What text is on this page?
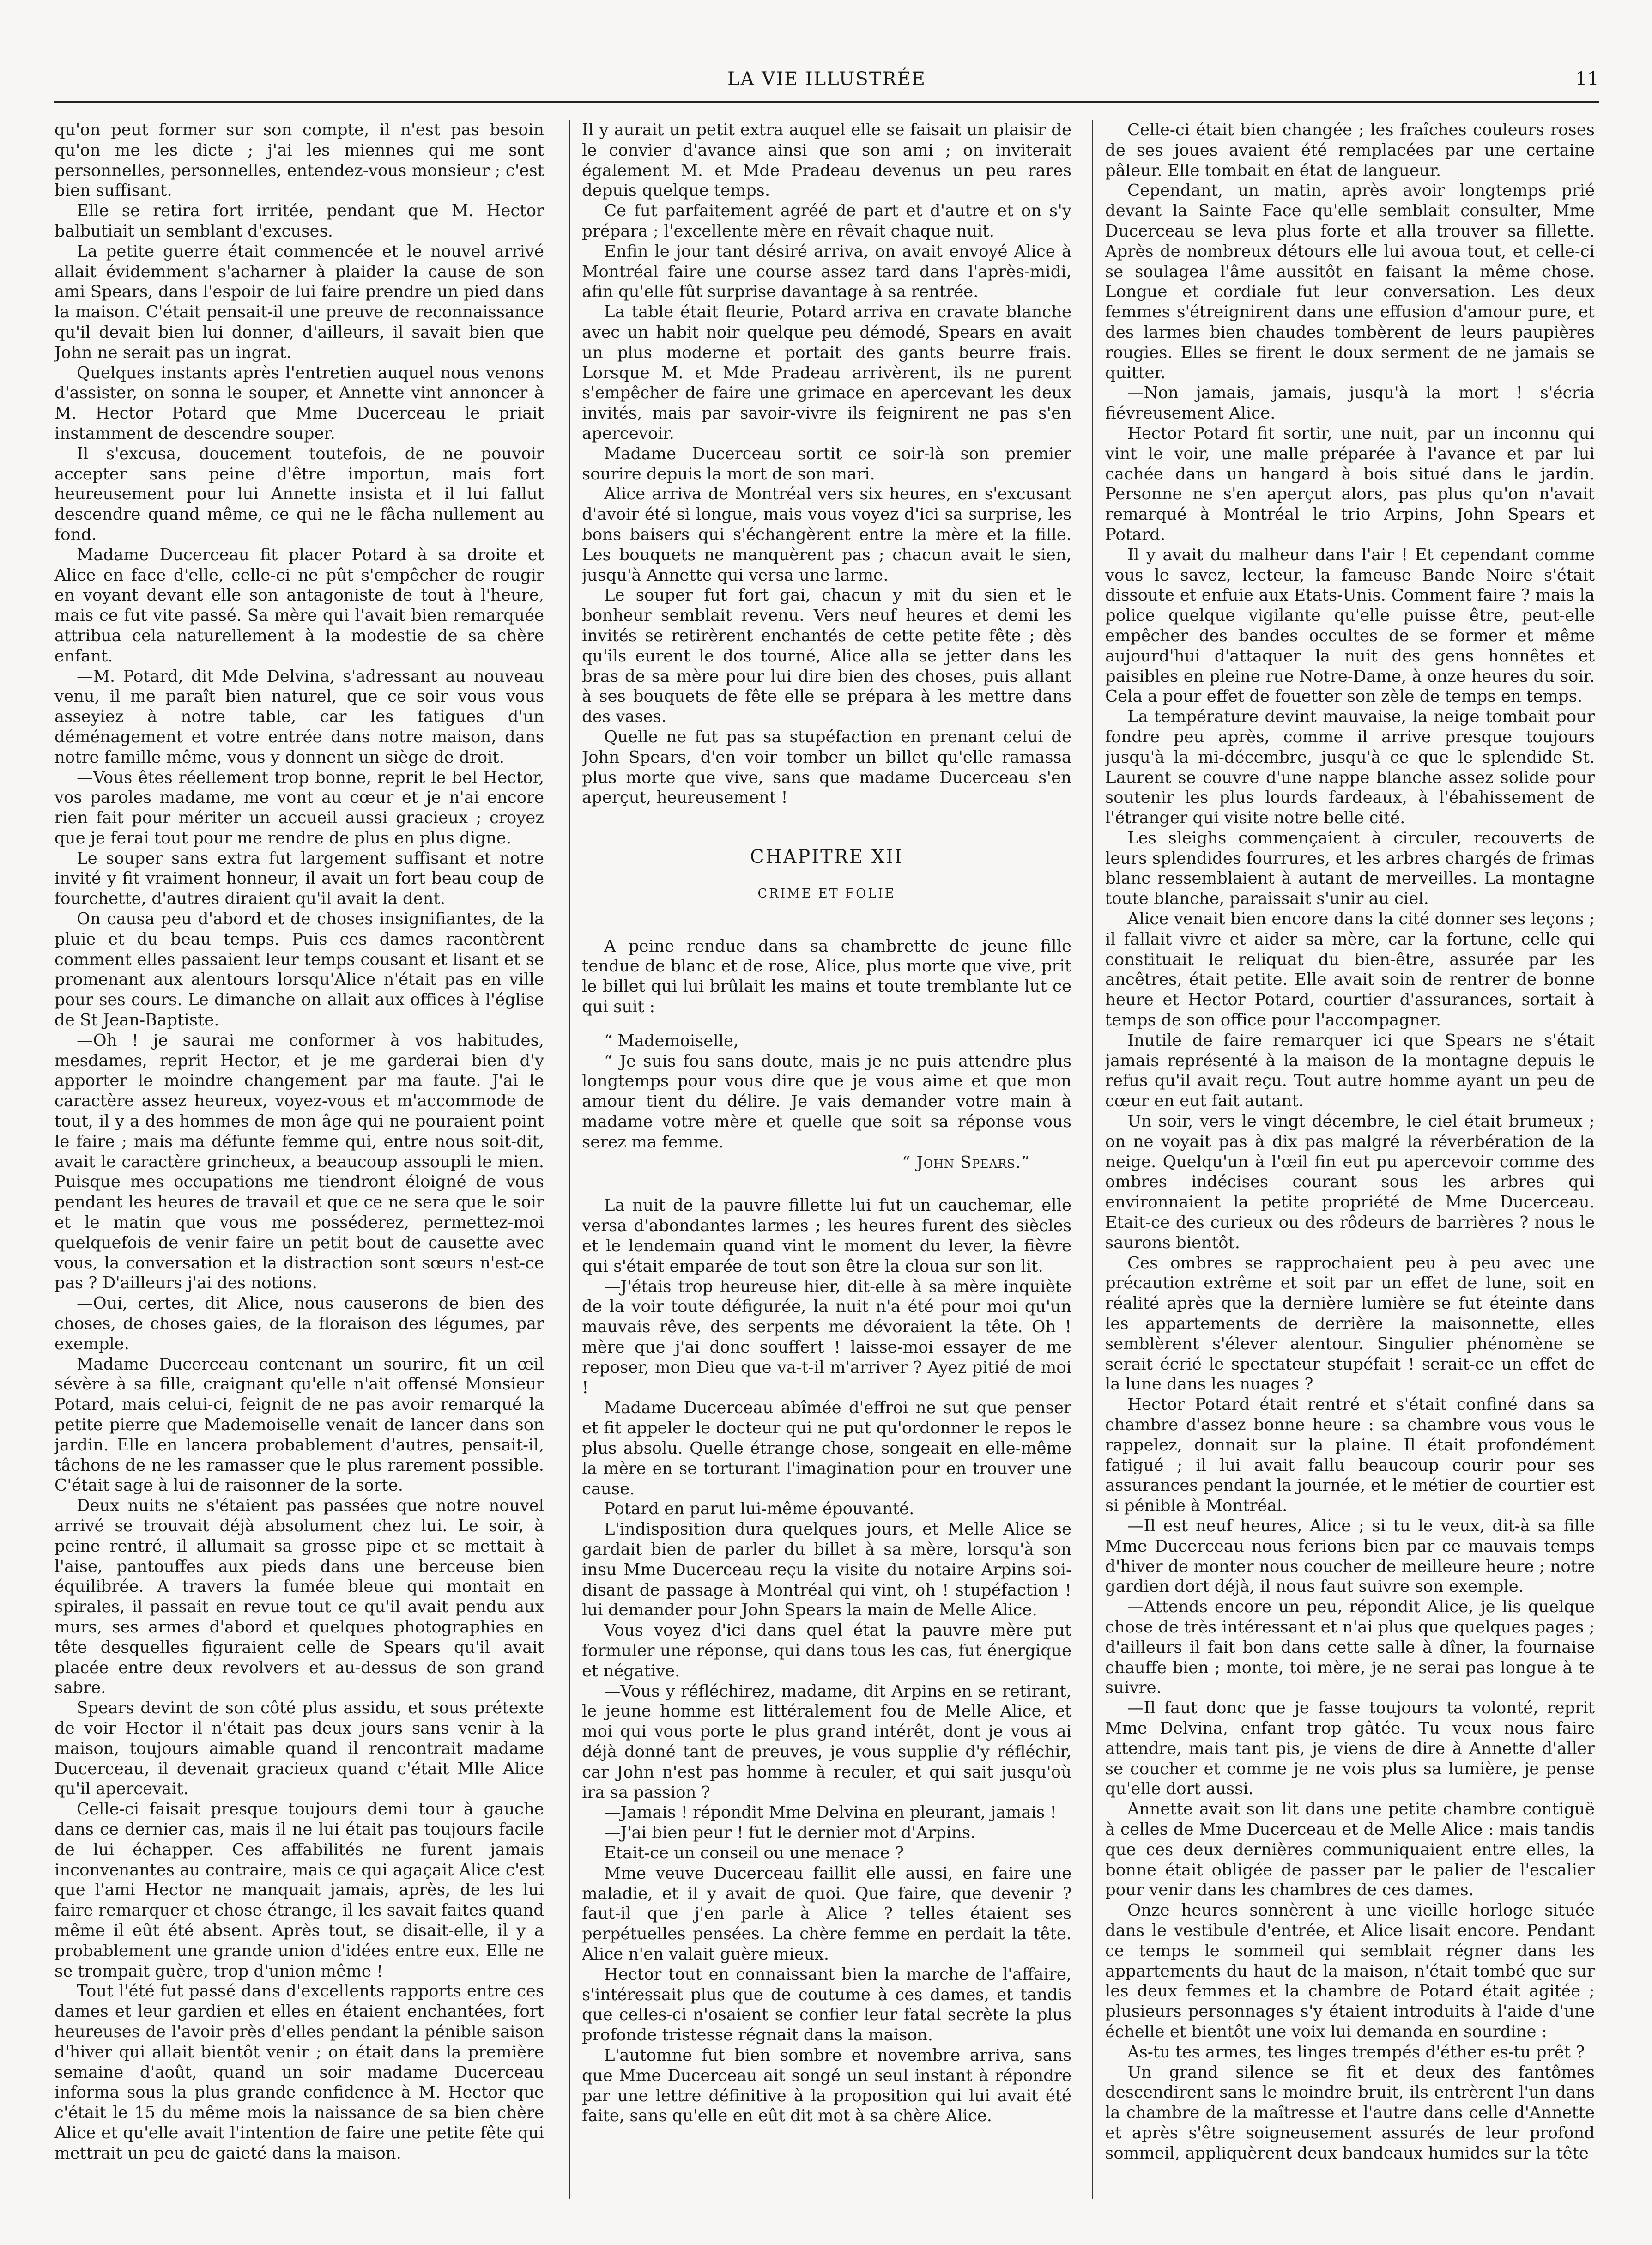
LA VIE ILLUSTRÉE	11

qu'on peut former sur son compte, il n'est pas besoin qu'on me les dicte ; j'ai les miennes qui me sont personnelles, personnelles, entendez-vous monsieur ; c'est bien suffisant.

Elle se retira fort irritée, pendant que M. Hector balbutiait un semblant d'excuses.

La petite guerre était commencée et le nouvel arrivé allait évidemment s'acharner à plaider la cause de son ami Spears, dans l'espoir de lui faire prendre un pied dans la maison. C'était pensait-il une preuve de reconnaissance qu'il devait bien lui donner, d'ailleurs, il savait bien que John ne serait pas un ingrat.

Quelques instants après l'entretien auquel nous venons d'assister, on sonna le souper, et Annette vint annoncer à M. Hector Potard que Mme Ducerceau le priait instamment de descendre souper.

Il s'excusa, doucement toutefois, de ne pouvoir accepter sans peine d'être importun, mais fort heureusement pour lui Annette insista et il lui fallut descendre quand même, ce qui ne le fâcha nullement au fond.

Madame Ducerceau fit placer Potard à sa droite et Alice en face d'elle, celle-ci ne pût s'empêcher de rougir en voyant devant elle son antagoniste de tout à l'heure, mais ce fut vite passé. Sa mère qui l'avait bien remarquée attribua cela naturellement à la modestie de sa chère enfant.

—M. Potard, dit Mde Delvina, s'adressant au nouveau venu, il me paraît bien naturel, que ce soir vous vous asseyiez à notre table, car les fatigues d'un déménagement et votre entrée dans notre maison, dans notre famille même, vous y donnent un siège de droit.

—Vous êtes réellement trop bonne, reprit le bel Hector, vos paroles madame, me vont au cœur et je n'ai encore rien fait pour mériter un accueil aussi gracieux ; croyez que je ferai tout pour me rendre de plus en plus digne.

Le souper sans extra fut largement suffisant et notre invité y fit vraiment honneur, il avait un fort beau coup de fourchette, d'autres diraient qu'il avait la dent.

On causa peu d'abord et de choses insignifiantes, de la pluie et du beau temps. Puis ces dames racontèrent comment elles passaient leur temps cousant et lisant et se promenant aux alentours lorsqu'Alice n'était pas en ville pour ses cours. Le dimanche on allait aux offices à l'église de St Jean-Baptiste.

—Oh ! je saurai me conformer à vos habitudes, mesdames, reprit Hector, et je me garderai bien d'y apporter le moindre changement par ma faute. J'ai le caractère assez heureux, voyez-vous et m'accommode de tout, il y a des hommes de mon âge qui ne pouraient point le faire ; mais ma défunte femme qui, entre nous soit-dit, avait le caractère grincheux, a beaucoup assoupli le mien. Puisque mes occupations me tiendront éloigné de vous pendant les heures de travail et que ce ne sera que le soir et le matin que vous me posséderez, permettez-moi quelquefois de venir faire un petit bout de causette avec vous, la conversation et la distraction sont sœurs n'est-ce pas ? D'ailleurs j'ai des notions.

—Oui, certes, dit Alice, nous causerons de bien des choses, de choses gaies, de la floraison des légumes, par exemple.

Madame Ducerceau contenant un sourire, fit un œil sévère à sa fille, craignant qu'elle n'ait offensé Monsieur Potard, mais celui-ci, feignit de ne pas avoir remarqué la petite pierre que Mademoiselle venait de lancer dans son jardin. Elle en lancera probablement d'autres, pensait-il, tâchons de ne les ramasser que le plus rarement possible. C'était sage à lui de raisonner de la sorte.

Deux nuits ne s'étaient pas passées que notre nouvel arrivé se trouvait déjà absolument chez lui. Le soir, à peine rentré, il allumait sa grosse pipe et se mettait à l'aise, pantouffes aux pieds dans une berceuse bien équilibrée. A travers la fumée bleue qui montait en spirales, il passait en revue tout ce qu'il avait pendu aux murs, ses armes d'abord et quelques photographies en tête desquelles figuraient celle de Spears qu'il avait placée entre deux revolvers et au-dessus de son grand sabre.

Spears devint de son côté plus assidu, et sous prétexte de voir Hector il n'était pas deux jours sans venir à la maison, toujours aimable quand il rencontrait madame Ducerceau, il devenait gracieux quand c'était Mlle Alice qu'il apercevait.

Celle-ci faisait presque toujours demi tour à gauche dans ce dernier cas, mais il ne lui était pas toujours facile de lui échapper. Ces affabilités ne furent jamais inconvenantes au contraire, mais ce qui agaçait Alice c'est que l'ami Hector ne manquait jamais, après, de les lui faire remarquer et chose étrange, il les savait faites quand même il eût été absent. Après tout, se disait-elle, il y a probablement une grande union d'idées entre eux. Elle ne se trompait guère, trop d'union même !

Tout l'été fut passé dans d'excellents rapports entre ces dames et leur gardien et elles en étaient enchantées, fort heureuses de l'avoir près d'elles pendant la pénible saison d'hiver qui allait bientôt venir ; on était dans la première semaine d'août, quand un soir madame Ducerceau informa sous la plus grande confidence à M. Hector que c'était le 15 du même mois la naissance de sa bien chère Alice et qu'elle avait l'intention de faire une petite fête qui mettrait un peu de gaieté dans la maison.

Il y aurait un petit extra auquel elle se faisait un plaisir de le convier d'avance ainsi que son ami ; on inviterait également M. et Mde Pradeau devenus un peu rares depuis quelque temps.

Ce fut parfaitement agréé de part et d'autre et on s'y prépara ; l'excellente mère en rêvait chaque nuit.

Enfin le jour tant désiré arriva, on avait envoyé Alice à Montréal faire une course assez tard dans l'après-midi, afin qu'elle fût surprise davantage à sa rentrée.

La table était fleurie, Potard arriva en cravate blanche avec un habit noir quelque peu démodé, Spears en avait un plus moderne et portait des gants beurre frais. Lorsque M. et Mde Pradeau arrivèrent, ils ne purent s'empêcher de faire une grimace en apercevant les deux invités, mais par savoir-vivre ils feignirent ne pas s'en apercevoir.

Madame Ducerceau sortit ce soir-là son premier sourire depuis la mort de son mari.

Alice arriva de Montréal vers six heures, en s'excusant d'avoir été si longue, mais vous voyez d'ici sa surprise, les bons baisers qui s'échangèrent entre la mère et la fille. Les bouquets ne manquèrent pas ; chacun avait le sien, jusqu'à Annette qui versa une larme.

Le souper fut fort gai, chacun y mit du sien et le bonheur semblait revenu. Vers neuf heures et demi les invités se retirèrent enchantés de cette petite fête ; dès qu'ils eurent le dos tourné, Alice alla se jetter dans les bras de sa mère pour lui dire bien des choses, puis allant à ses bouquets de fête elle se prépara à les mettre dans des vases.

Quelle ne fut pas sa stupéfaction en prenant celui de John Spears, d'en voir tomber un billet qu'elle ramassa plus morte que vive, sans que madame Ducerceau s'en aperçut, heureusement !

CHAPITRE XII
CRIME ET FOLIE

A peine rendue dans sa chambrette de jeune fille tendue de blanc et de rose, Alice, plus morte que vive, prit le billet qui lui brûlait les mains et toute tremblante lut ce qui suit :

“ Mademoiselle,

“ Je suis fou sans doute, mais je ne puis attendre plus longtemps pour vous dire que je vous aime et que mon amour tient du délire. Je vais demander votre main à madame votre mère et quelle que soit sa réponse vous serez ma femme.

“ John Spears.”

La nuit de la pauvre fillette lui fut un cauchemar, elle versa d'abondantes larmes ; les heures furent des siècles et le lendemain quand vint le moment du lever, la fièvre qui s'était emparée de tout son être la cloua sur son lit.

—J'étais trop heureuse hier, dit-elle à sa mère inquiète de la voir toute défigurée, la nuit n'a été pour moi qu'un mauvais rêve, des serpents me dévoraient la tête. Oh ! mère que j'ai donc souffert ! laisse-moi essayer de me reposer, mon Dieu que va-t-il m'arriver ? Ayez pitié de moi !

Madame Ducerceau abîmée d'effroi ne sut que penser et fit appeler le docteur qui ne put qu'ordonner le repos le plus absolu. Quelle étrange chose, songeait en elle-même la mère en se torturant l'imagination pour en trouver une cause.

Potard en parut lui-même épouvanté.

L'indisposition dura quelques jours, et Melle Alice se gardait bien de parler du billet à sa mère, lorsqu'à son insu Mme Ducerceau reçu la visite du notaire Arpins soi-disant de passage à Montréal qui vint, oh ! stupéfaction ! lui demander pour John Spears la main de Melle Alice.

Vous voyez d'ici dans quel état la pauvre mère put formuler une réponse, qui dans tous les cas, fut énergique et négative.

—Vous y réfléchirez, madame, dit Arpins en se retirant, le jeune homme est littéralement fou de Melle Alice, et moi qui vous porte le plus grand intérêt, dont je vous ai déjà donné tant de preuves, je vous supplie d'y réfléchir, car John n'est pas homme à reculer, et qui sait jusqu'où ira sa passion ?

—Jamais ! répondit Mme Delvina en pleurant, jamais !

—J'ai bien peur ! fut le dernier mot d'Arpins.

Etait-ce un conseil ou une menace ?

Mme veuve Ducerceau faillit elle aussi, en faire une maladie, et il y avait de quoi. Que faire, que devenir ? faut-il que j'en parle à Alice ? telles étaient ses perpétuelles pensées. La chère femme en perdait la tête. Alice n'en valait guère mieux.

Hector tout en connaissant bien la marche de l'affaire, s'intéressait plus que de coutume à ces dames, et tandis que celles-ci n'osaient se confier leur fatal secrète la plus profonde tristesse régnait dans la maison.

L'automne fut bien sombre et novembre arriva, sans que Mme Ducerceau ait songé un seul instant à répondre par une lettre définitive à la proposition qui lui avait été faite, sans qu'elle en eût dit mot à sa chère Alice.

Celle-ci était bien changée ; les fraîches couleurs roses de ses joues avaient été remplacées par une certaine pâleur. Elle tombait en état de langueur.

Cependant, un matin, après avoir longtemps prié devant la Sainte Face qu'elle semblait consulter, Mme Ducerceau se leva plus forte et alla trouver sa fillette. Après de nombreux détours elle lui avoua tout, et celle-ci se soulagea l'âme aussitôt en faisant la même chose. Longue et cordiale fut leur conversation. Les deux femmes s'étreignirent dans une effusion d'amour pure, et des larmes bien chaudes tombèrent de leurs paupières rougies. Elles se firent le doux serment de ne jamais se quitter.

—Non jamais, jamais, jusqu'à la mort ! s'écria fiévreusement Alice.

Hector Potard fit sortir, une nuit, par un inconnu qui vint le voir, une malle préparée à l'avance et par lui cachée dans un hangard à bois situé dans le jardin. Personne ne s'en aperçut alors, pas plus qu'on n'avait remarqué à Montréal le trio Arpins, John Spears et Potard.

Il y avait du malheur dans l'air ! Et cependant comme vous le savez, lecteur, la fameuse Bande Noire s'était dissoute et enfuie aux Etats-Unis. Comment faire ? mais la police quelque vigilante qu'elle puisse être, peut-elle empêcher des bandes occultes de se former et même aujourd'hui d'attaquer la nuit des gens honnêtes et paisibles en pleine rue Notre-Dame, à onze heures du soir. Cela a pour effet de fouetter son zèle de temps en temps.

La température devint mauvaise, la neige tombait pour fondre peu après, comme il arrive presque toujours jusqu'à la mi-décembre, jusqu'à ce que le splendide St. Laurent se couvre d'une nappe blanche assez solide pour soutenir les plus lourds fardeaux, à l'ébahissement de l'étranger qui visite notre belle cité.

Les sleighs commençaient à circuler, recouverts de leurs splendides fourrures, et les arbres chargés de frimas blanc ressemblaient à autant de merveilles. La montagne toute blanche, paraissait s'unir au ciel.

Alice venait bien encore dans la cité donner ses leçons ; il fallait vivre et aider sa mère, car la fortune, celle qui constituait le reliquat du bien-être, assurée par les ancêtres, était petite. Elle avait soin de rentrer de bonne heure et Hector Potard, courtier d'assurances, sortait à temps de son office pour l'accompagner.

Inutile de faire remarquer ici que Spears ne s'était jamais représenté à la maison de la montagne depuis le refus qu'il avait reçu. Tout autre homme ayant un peu de cœur en eut fait autant.

Un soir, vers le vingt décembre, le ciel était brumeux ; on ne voyait pas à dix pas malgré la réverbération de la neige. Quelqu'un à l'œil fin eut pu apercevoir comme des ombres indécises courant sous les arbres qui environnaient la petite propriété de Mme Ducerceau. Etait-ce des curieux ou des rôdeurs de barrières ? nous le saurons bientôt.

Ces ombres se rapprochaient peu à peu avec une précaution extrême et soit par un effet de lune, soit en réalité après que la dernière lumière se fut éteinte dans les appartements de derrière la maisonnette, elles semblèrent s'élever alentour. Singulier phénomène se serait écrié le spectateur stupéfait ! serait-ce un effet de la lune dans les nuages ?

Hector Potard était rentré et s'était confiné dans sa chambre d'assez bonne heure : sa chambre vous vous le rappelez, donnait sur la plaine. Il était profondément fatigué ; il lui avait fallu beaucoup courir pour ses assurances pendant la journée, et le métier de courtier est si pénible à Montréal.

—Il est neuf heures, Alice ; si tu le veux, dit-à sa fille Mme Ducerceau nous ferions bien par ce mauvais temps d'hiver de monter nous coucher de meilleure heure ; notre gardien dort déjà, il nous faut suivre son exemple.

—Attends encore un peu, répondit Alice, je lis quelque chose de très intéressant et n'ai plus que quelques pages ; d'ailleurs il fait bon dans cette salle à dîner, la fournaise chauffe bien ; monte, toi mère, je ne serai pas longue à te suivre.

—Il faut donc que je fasse toujours ta volonté, reprit Mme Delvina, enfant trop gâtée. Tu veux nous faire attendre, mais tant pis, je viens de dire à Annette d'aller se coucher et comme je ne vois plus sa lumière, je pense qu'elle dort aussi.

Annette avait son lit dans une petite chambre contiguë à celles de Mme Ducerceau et de Melle Alice : mais tandis que ces deux dernières communiquaient entre elles, la bonne était obligée de passer par le palier de l'escalier pour venir dans les chambres de ces dames.

Onze heures sonnèrent à une vieille horloge située dans le vestibule d'entrée, et Alice lisait encore. Pendant ce temps le sommeil qui semblait régner dans les appartements du haut de la maison, n'était tombé que sur les deux femmes et la chambre de Potard était agitée ; plusieurs personnages s'y étaient introduits à l'aide d'une échelle et bientôt une voix lui demanda en sourdine :

As-tu tes armes, tes linges trempés d'éther es-tu prêt ?

Un grand silence se fit et deux des fantômes descendirent sans le moindre bruit, ils entrèrent l'un dans la chambre de la maîtresse et l'autre dans celle d'Annette et après s'être soigneusement assurés de leur profond sommeil, appliquèrent deux bandeaux humides sur la tête
